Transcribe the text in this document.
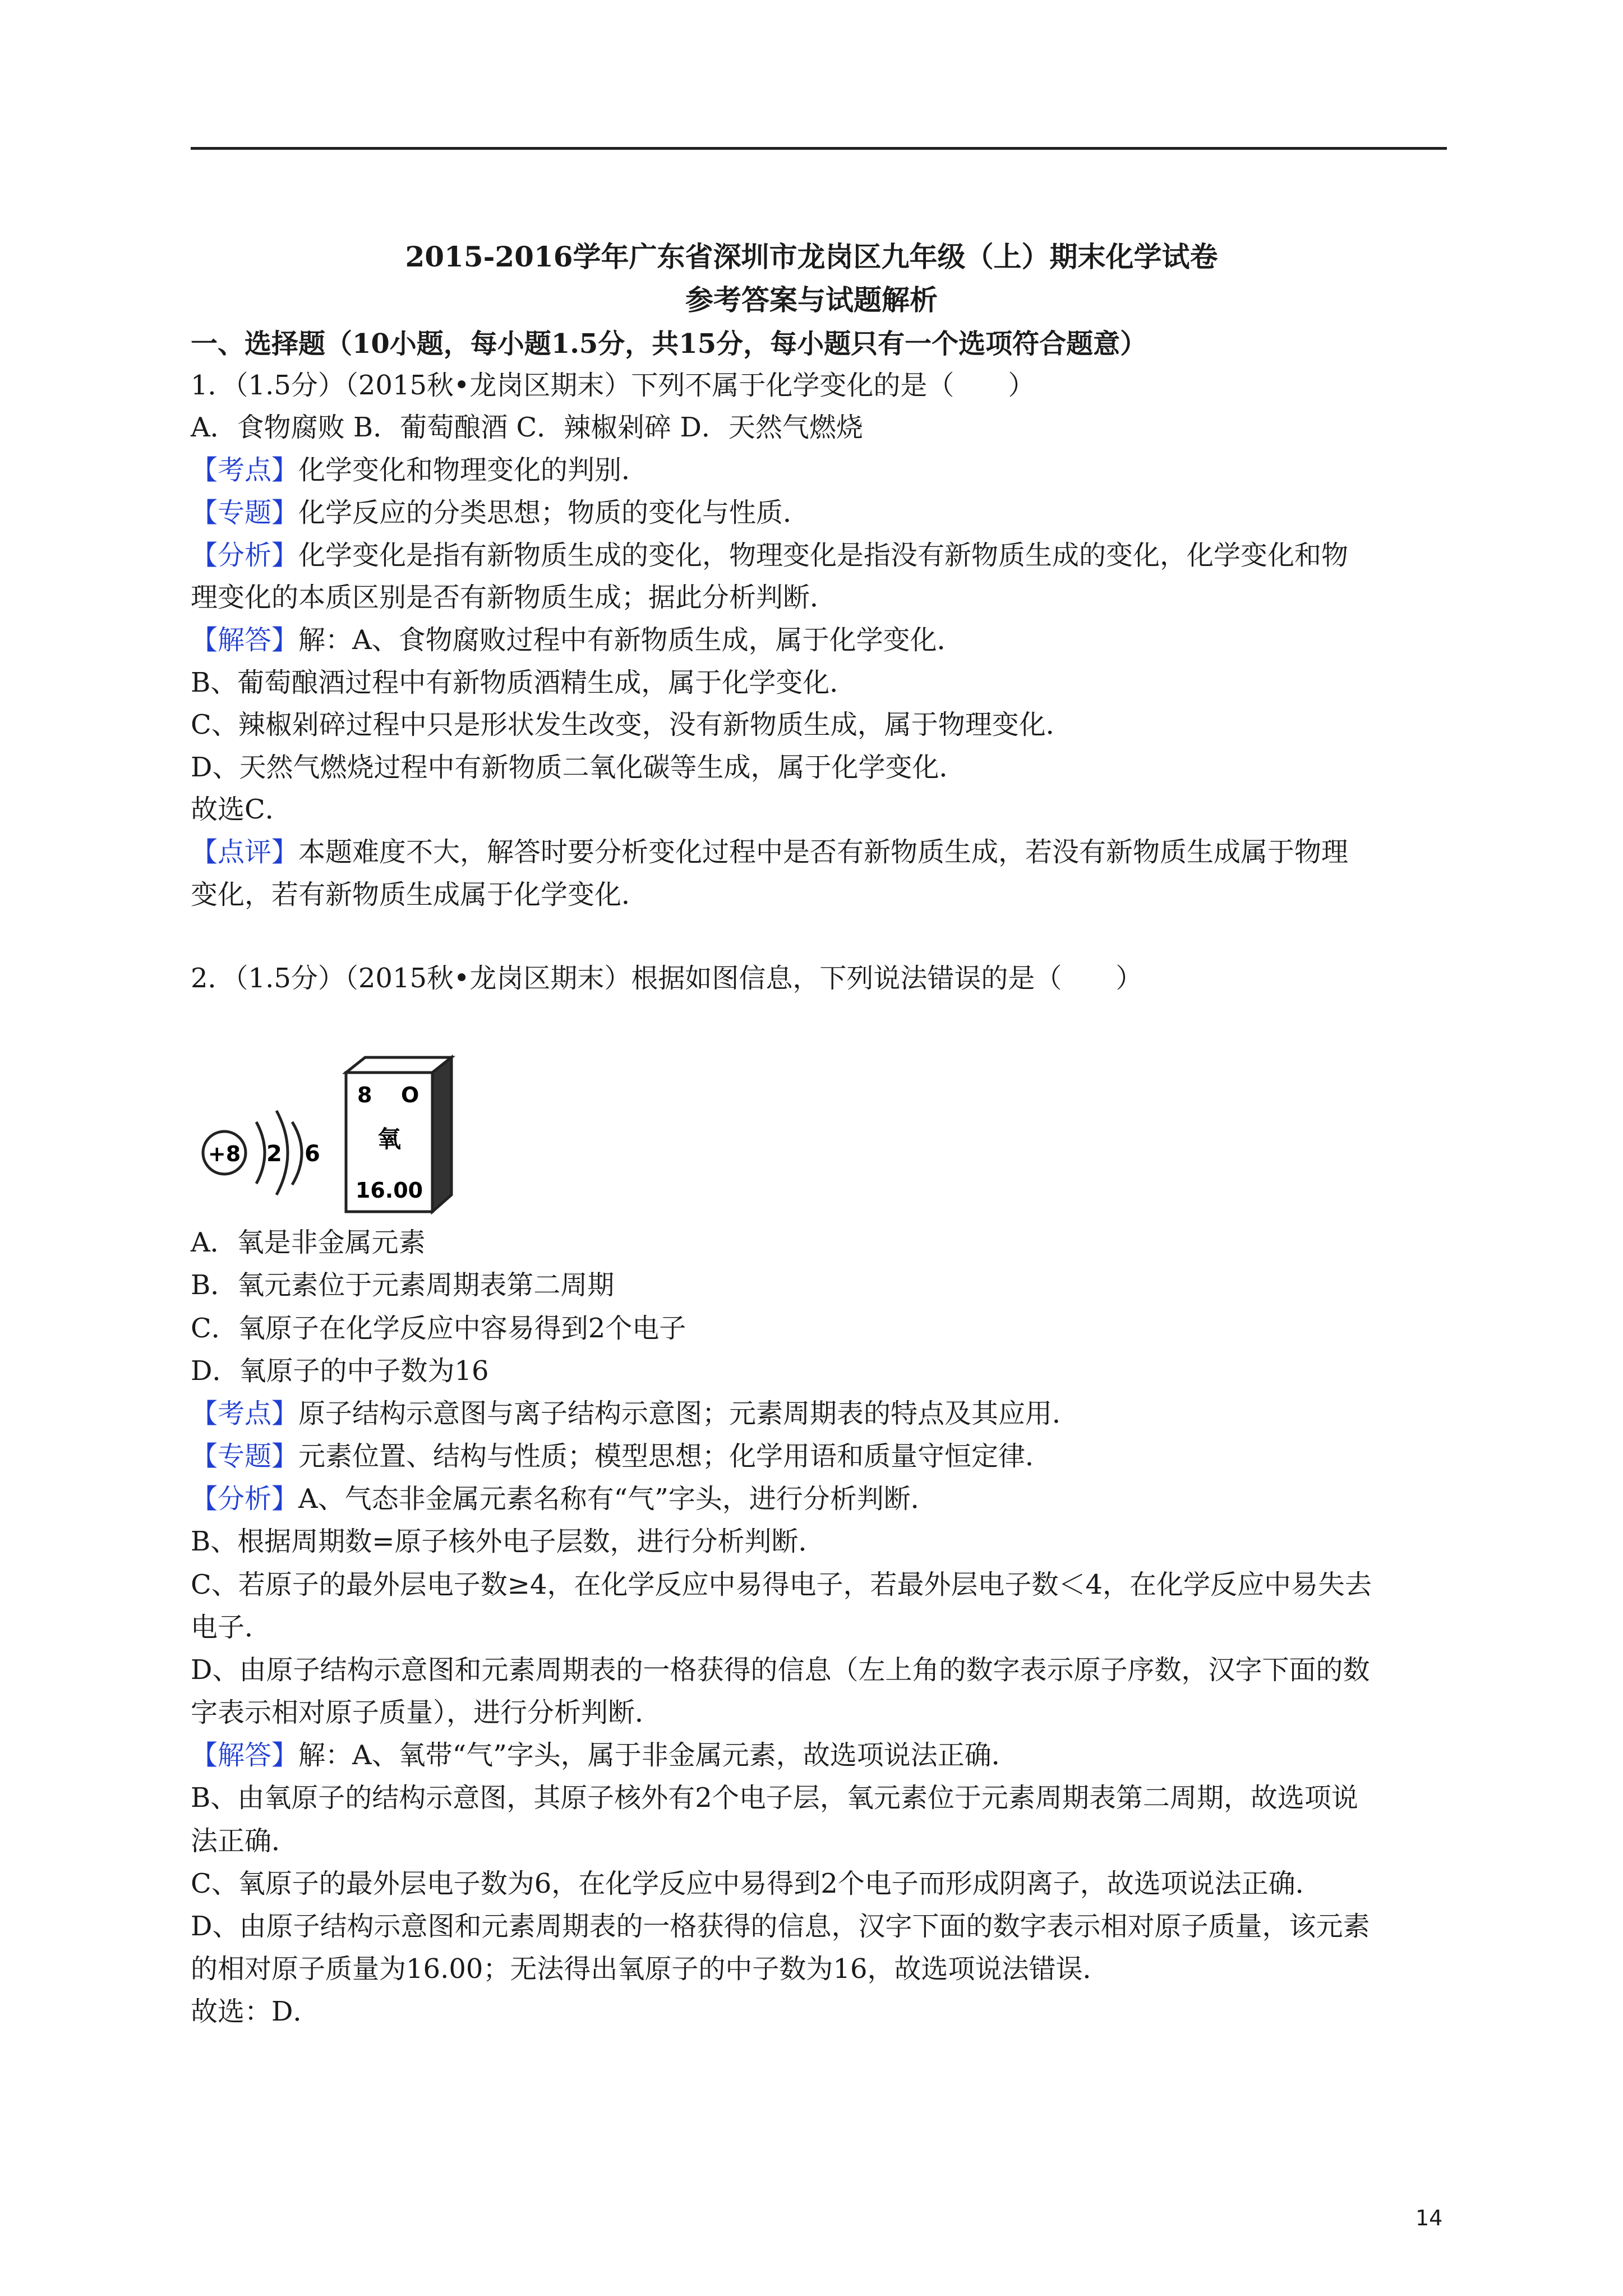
2015-2016学年广东省深圳市龙岗区九年级（上）期末化学试卷
参考答案与试题解析
一、选择题（10小题，每小题1.5分，共15分，每小题只有一个选项符合题意）
1．（1.5分）（2015秋•龙岗区期末）下列不属于化学变化的是（　　）
A．食物腐败 B．葡萄酿酒 C．辣椒剁碎 D．天然气燃烧
【考点】化学变化和物理变化的判别．
【专题】化学反应的分类思想；物质的变化与性质．
【分析】化学变化是指有新物质生成的变化，物理变化是指没有新物质生成的变化，化学变化和物
理变化的本质区别是否有新物质生成；据此分析判断．
【解答】解：A、食物腐败过程中有新物质生成，属于化学变化．
B、葡萄酿酒过程中有新物质酒精生成，属于化学变化．
C、辣椒剁碎过程中只是形状发生改变，没有新物质生成，属于物理变化．
D、天然气燃烧过程中有新物质二氧化碳等生成，属于化学变化．
故选C．
【点评】本题难度不大，解答时要分析变化过程中是否有新物质生成，若没有新物质生成属于物理
变化，若有新物质生成属于化学变化．
2．（1.5分）（2015秋•龙岗区期末）根据如图信息，下列说法错误的是（　　）
+8 2 6
8 O
氧
16.00
A．氧是非金属元素
B．氧元素位于元素周期表第二周期
C．氧原子在化学反应中容易得到2个电子
D．氧原子的中子数为16
【考点】原子结构示意图与离子结构示意图；元素周期表的特点及其应用．
【专题】元素位置、结构与性质；模型思想；化学用语和质量守恒定律．
【分析】A、气态非金属元素名称有“气”字头，进行分析判断．
B、根据周期数=原子核外电子层数，进行分析判断．
C、若原子的最外层电子数≥4，在化学反应中易得电子，若最外层电子数＜4，在化学反应中易失去
电子．
D、由原子结构示意图和元素周期表的一格获得的信息（左上角的数字表示原子序数，汉字下面的数
字表示相对原子质量），进行分析判断．
【解答】解：A、氧带“气”字头，属于非金属元素，故选项说法正确．
B、由氧原子的结构示意图，其原子核外有2个电子层，氧元素位于元素周期表第二周期，故选项说
法正确．
C、氧原子的最外层电子数为6，在化学反应中易得到2个电子而形成阴离子，故选项说法正确．
D、由原子结构示意图和元素周期表的一格获得的信息，汉字下面的数字表示相对原子质量，该元素
的相对原子质量为16.00；无法得出氧原子的中子数为16，故选项说法错误．
故选：D．
14
